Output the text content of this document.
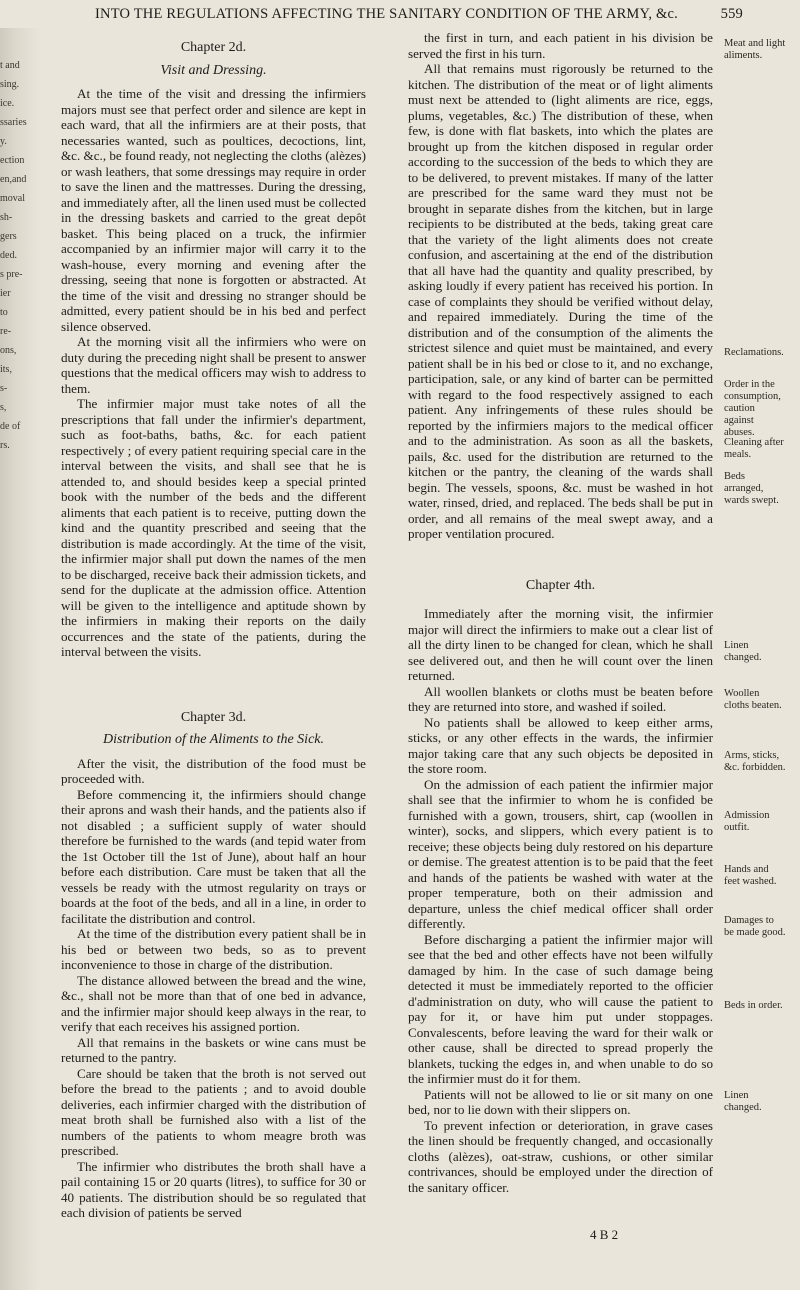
t and
sing.
ice.
ssaries
y.
ection
en,and
moval
sh-
gers
ded.
s pre-
ier
to
re-
ons,
its,
s-
s,
de of
rs.
INTO THE REGULATIONS AFFECTING THE SANITARY CONDITION OF THE ARMY, &c.	559
Chapter 2d.
Visit and Dressing.

At the time of the visit and dressing the infirmiers majors must see that perfect order and silence are kept in each ward, that all the infirmiers are at their posts, that necessaries wanted, such as poultices, decoctions, lint, &c. &c., be found ready, not neglecting the cloths (alèzes) or wash leathers, that some dressings may require in order to save the linen and the mattresses. During the dressing, and immediately after, all the linen used must be collected in the dressing baskets and carried to the great depôt basket. This being placed on a truck, the infirmier accompanied by an infirmier major will carry it to the wash-house, every morning and evening after the dressing, seeing that none is forgotten or abstracted. At the time of the visit and dressing no stranger should be admitted, every patient should be in his bed and perfect silence observed.

At the morning visit all the infirmiers who were on duty during the preceding night shall be present to answer questions that the medical officers may wish to address to them.

The infirmier major must take notes of all the prescriptions that fall under the infirmier's department, such as foot-baths, baths, &c. for each patient respectively ; of every patient requiring special care in the interval between the visits, and shall see that he is attended to, and should besides keep a special printed book with the number of the beds and the different aliments that each patient is to receive, putting down the kind and the quantity prescribed and seeing that the distribution is made accordingly. At the time of the visit, the infirmier major shall put down the names of the men to be discharged, receive back their admission tickets, and send for the duplicate at the admission office. Attention will be given to the intelligence and aptitude shown by the infirmiers in making their reports on the daily occurrences and the state of the patients, during the interval between the visits.

Chapter 3d.
Distribution of the Aliments to the Sick.

After the visit, the distribution of the food must be proceeded with.

Before commencing it, the infirmiers should change their aprons and wash their hands, and the patients also if not disabled ; a sufficient supply of water should therefore be furnished to the wards (and tepid water from the 1st October till the 1st of June), about half an hour before each distribution. Care must be taken that all the vessels be ready with the utmost regularity on trays or boards at the foot of the beds, and all in a line, in order to facilitate the distribution and control.

At the time of the distribution every patient shall be in his bed or between two beds, so as to prevent inconvenience to those in charge of the distribution.

The distance allowed between the bread and the wine, &c., shall not be more than that of one bed in advance, and the infirmier major should keep always in the rear, to verify that each receives his assigned portion.

All that remains in the baskets or wine cans must be returned to the pantry.

Care should be taken that the broth is not served out before the bread to the patients ; and to avoid double deliveries, each infirmier charged with the distribution of meat broth shall be furnished also with a list of the numbers of the patients to whom meagre broth was prescribed.

The infirmier who distributes the broth shall have a pail containing 15 or 20 quarts (litres), to suffice for 30 or 40 patients. The distribution should be so regulated that each division of patients be served

the first in turn, and each patient in his division be served the first in his turn.

All that remains must rigorously be returned to the kitchen. The distribution of the meat or of light aliments must next be attended to (light aliments are rice, eggs, plums, vegetables, &c.) The distribution of these, when few, is done with flat baskets, into which the plates are brought up from the kitchen disposed in regular order according to the succession of the beds to which they are to be delivered, to prevent mistakes. If many of the latter are prescribed for the same ward they must not be brought in separate dishes from the kitchen, but in large recipients to be distributed at the beds, taking great care that the variety of the light aliments does not create confusion, and ascertaining at the end of the distribution that all have had the quantity and quality prescribed, by asking loudly if every patient has received his portion. In case of complaints they should be verified without delay, and repaired immediately. During the time of the distribution and of the consumption of the aliments the strictest silence and quiet must be maintained, and every patient shall be in his bed or close to it, and no exchange, participation, sale, or any kind of barter can be permitted with regard to the food respectively assigned to each patient. Any infringements of these rules should be reported by the infirmiers majors to the medical officer and to the administration. As soon as all the baskets, pails, &c. used for the distribution are returned to the kitchen or the pantry, the cleaning of the wards shall begin. The vessels, spoons, &c. must be washed in hot water, rinsed, dried, and replaced. The beds shall be put in order, and all remains of the meal swept away, and a proper ventilation procured.

Chapter 4th.

Immediately after the morning visit, the infirmier major will direct the infirmiers to make out a clear list of all the dirty linen to be changed for clean, which he shall see delivered out, and then he will count over the linen returned.

All woollen blankets or cloths must be beaten before they are returned into store, and washed if soiled.

No patients shall be allowed to keep either arms, sticks, or any other effects in the wards, the infirmier major taking care that any such objects be deposited in the store room.

On the admission of each patient the infirmier major shall see that the infirmier to whom he is confided be furnished with a gown, trousers, shirt, cap (woollen in winter), socks, and slippers, which every patient is to receive; these objects being duly restored on his departure or demise. The greatest attention is to be paid that the feet and hands of the patients be washed with water at the proper temperature, both on their admission and departure, unless the chief medical officer shall order differently.

Before discharging a patient the infirmier major will see that the bed and other effects have not been wilfully damaged by him. In the case of such damage being detected it must be immediately reported to the officier d'administration on duty, who will cause the patient to pay for it, or have him put under stoppages. Convalescents, before leaving the ward for their walk or other cause, shall be directed to spread properly the blankets, tucking the edges in, and when unable to do so the infirmier must do it for them.

Patients will not be allowed to lie or sit many on one bed, nor to lie down with their slippers on.

To prevent infection or deterioration, in grave cases the linen should be frequently changed, and occasionally cloths (alèzes), oat-straw, cushions, or other similar contrivances, should be employed under the direction of the sanitary officer.

Meat and light aliments.
Reclamations.
Order in the consumption, caution against abuses.
Cleaning after meals.
Beds arranged, wards swept.
Linen changed.
Woollen cloths beaten.
Arms, sticks, &c. forbidden.
Admission outfit.
Hands and feet washed.
Damages to be made good.
Beds in order.
Linen changed.
4 B 2
